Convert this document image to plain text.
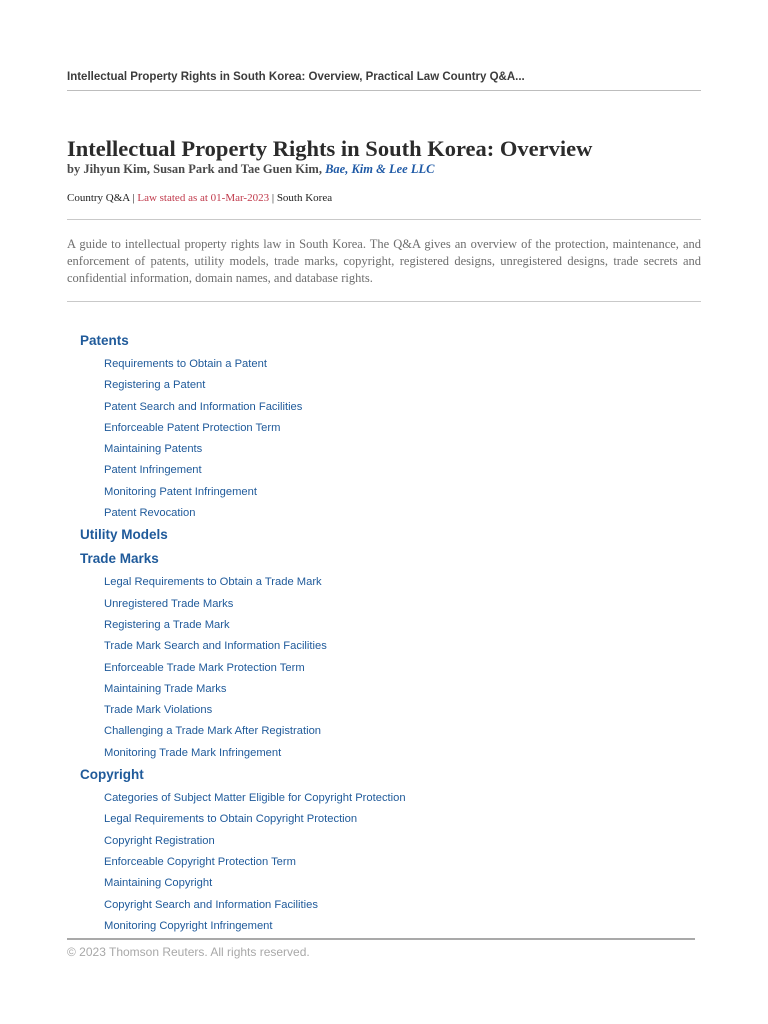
Intellectual Property Rights in South Korea: Overview, Practical Law Country Q&A...
Intellectual Property Rights in South Korea: Overview
by Jihyun Kim, Susan Park and Tae Guen Kim, Bae, Kim & Lee LLC
Country Q&A | Law stated as at 01-Mar-2023 | South Korea
A guide to intellectual property rights law in South Korea. The Q&A gives an overview of the protection, maintenance, and enforcement of patents, utility models, trade marks, copyright, registered designs, unregistered designs, trade secrets and confidential information, domain names, and database rights.
Patents
Requirements to Obtain a Patent
Registering a Patent
Patent Search and Information Facilities
Enforceable Patent Protection Term
Maintaining Patents
Patent Infringement
Monitoring Patent Infringement
Patent Revocation
Utility Models
Trade Marks
Legal Requirements to Obtain a Trade Mark
Unregistered Trade Marks
Registering a Trade Mark
Trade Mark Search and Information Facilities
Enforceable Trade Mark Protection Term
Maintaining Trade Marks
Trade Mark Violations
Challenging a Trade Mark After Registration
Monitoring Trade Mark Infringement
Copyright
Categories of Subject Matter Eligible for Copyright Protection
Legal Requirements to Obtain Copyright Protection
Copyright Registration
Enforceable Copyright Protection Term
Maintaining Copyright
Copyright Search and Information Facilities
Monitoring Copyright Infringement
© 2023 Thomson Reuters. All rights reserved.
